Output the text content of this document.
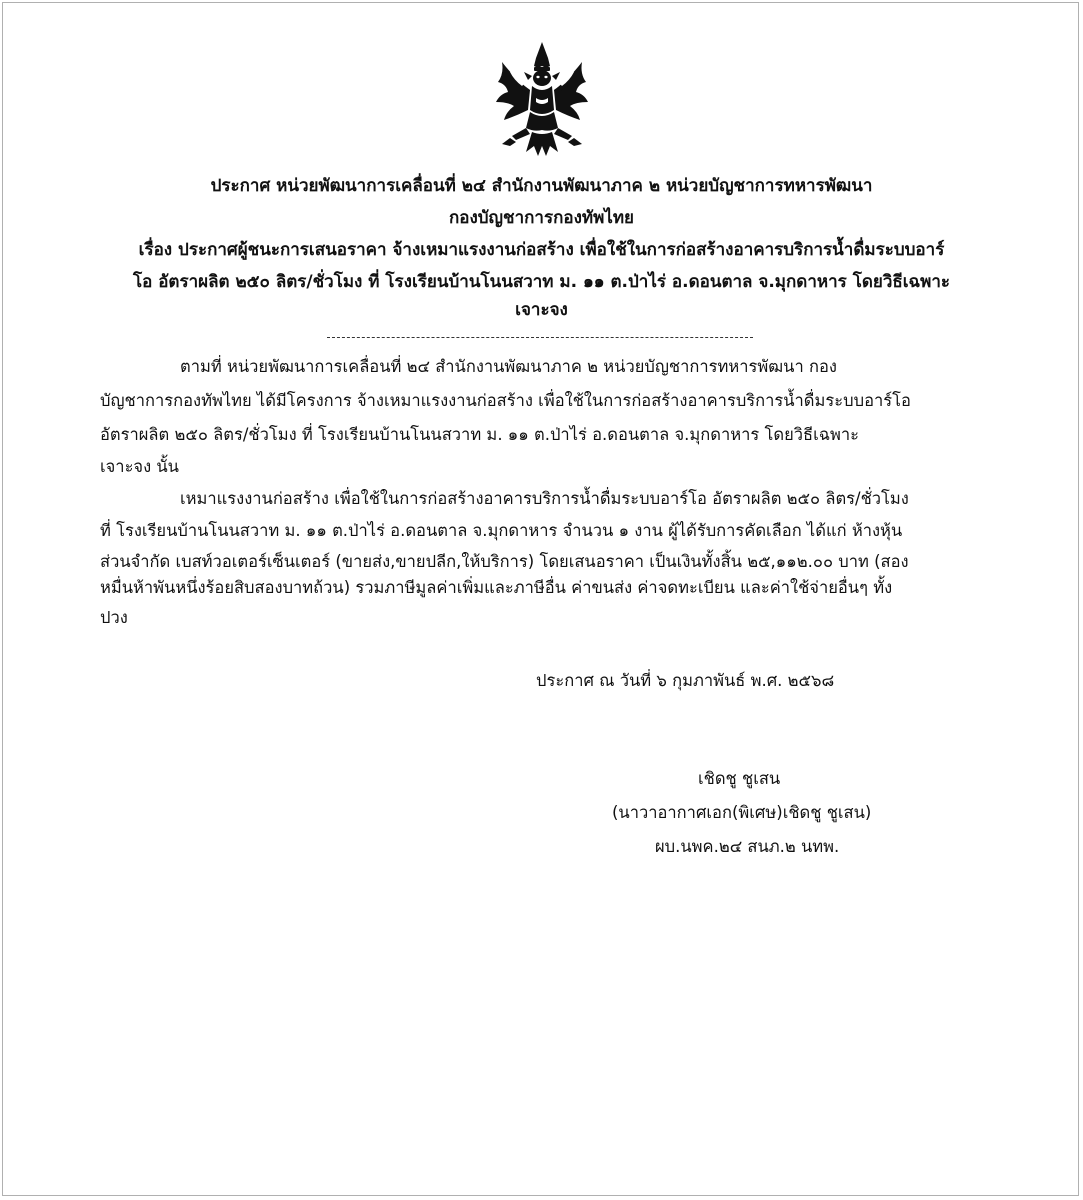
ประกาศ หน่วยพัฒนาการเคลื่อนที่ ๒๔ สำนักงานพัฒนาภาค ๒ หน่วยบัญชาการทหารพัฒนา
กองบัญชาการกองทัพไทย
เรื่อง ประกาศผู้ชนะการเสนอราคา จ้างเหมาแรงงานก่อสร้าง เพื่อใช้ในการก่อสร้างอาคารบริการน้ำดื่มระบบอาร์
โอ อัตราผลิต ๒๕๐ ลิตร/ชั่วโมง ที่ โรงเรียนบ้านโนนสวาท ม. ๑๑ ต.ป่าไร่ อ.ดอนตาล จ.มุกดาหาร โดยวิธีเฉพาะ
เจาะจง
ตามที่ หน่วยพัฒนาการเคลื่อนที่ ๒๔ สำนักงานพัฒนาภาค ๒ หน่วยบัญชาการทหารพัฒนา กอง
บัญชาการกองทัพไทย ได้มีโครงการ จ้างเหมาแรงงานก่อสร้าง เพื่อใช้ในการก่อสร้างอาคารบริการน้ำดื่มระบบอาร์โอ
อัตราผลิต ๒๕๐ ลิตร/ชั่วโมง ที่ โรงเรียนบ้านโนนสวาท ม. ๑๑ ต.ป่าไร่ อ.ดอนตาล จ.มุกดาหาร โดยวิธีเฉพาะ
เจาะจง นั้น
เหมาแรงงานก่อสร้าง เพื่อใช้ในการก่อสร้างอาคารบริการน้ำดื่มระบบอาร์โอ อัตราผลิต ๒๕๐ ลิตร/ชั่วโมง
ที่ โรงเรียนบ้านโนนสวาท ม. ๑๑ ต.ป่าไร่ อ.ดอนตาล จ.มุกดาหาร จำนวน ๑ งาน ผู้ได้รับการคัดเลือก ได้แก่ ห้างหุ้น
ส่วนจำกัด เบสท์วอเตอร์เซ็นเตอร์ (ขายส่ง,ขายปลีก,ให้บริการ) โดยเสนอราคา เป็นเงินทั้งสิ้น ๒๕,๑๑๒.๐๐ บาท (สอง
หมื่นห้าพันหนึ่งร้อยสิบสองบาทถ้วน) รวมภาษีมูลค่าเพิ่มและภาษีอื่น ค่าขนส่ง ค่าจดทะเบียน และค่าใช้จ่ายอื่นๆ ทั้ง
ปวง
ประกาศ ณ วันที่ ๖ กุมภาพันธ์ พ.ศ. ๒๕๖๘
เชิดชู ชูเสน
(นาวาอากาศเอก(พิเศษ)เชิดชู ชูเสน)
ผบ.นพค.๒๔ สนภ.๒ นทพ.
